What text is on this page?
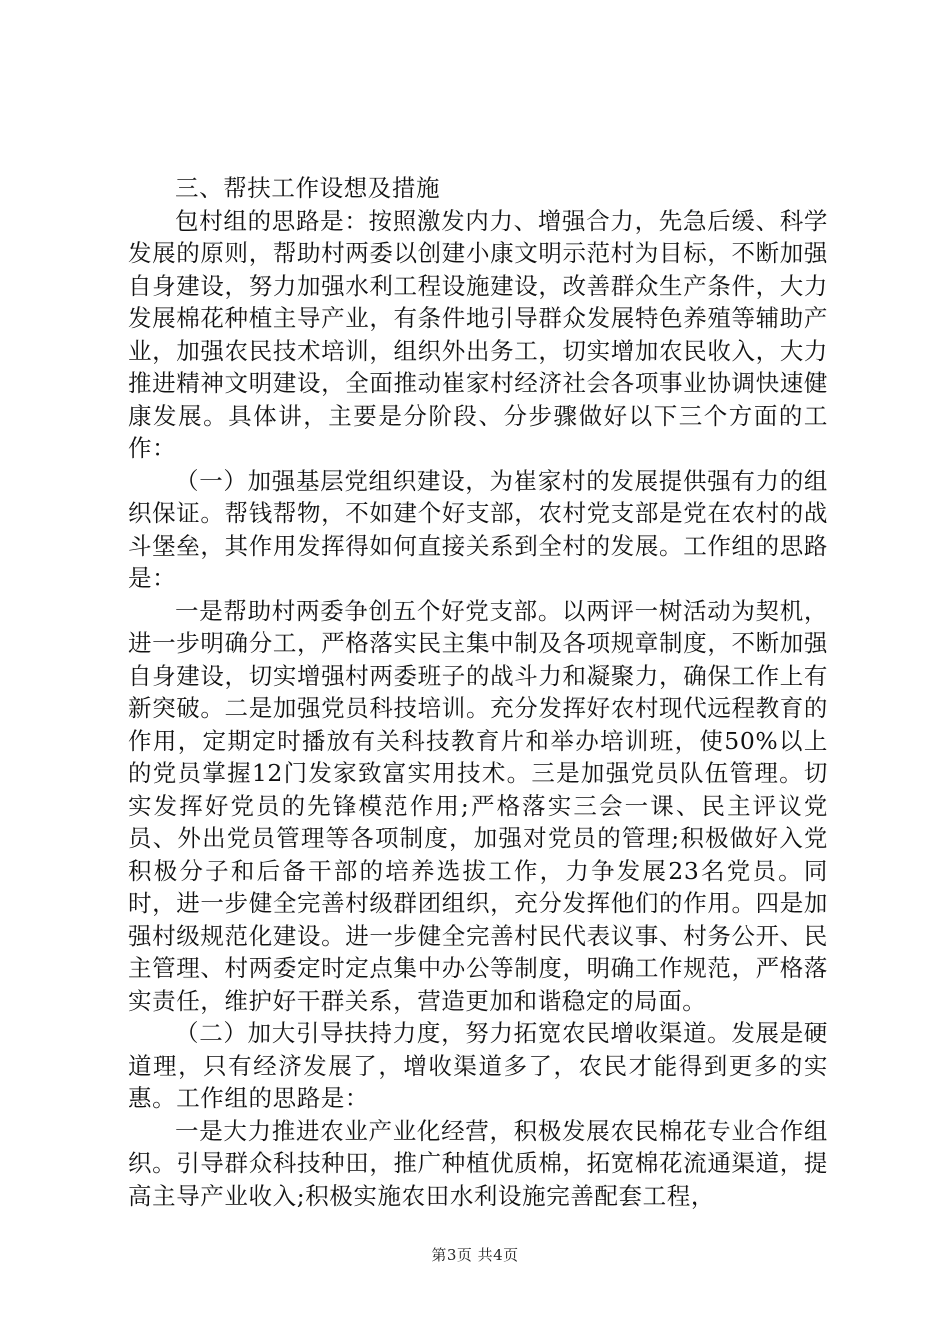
三、帮扶工作设想及措施

包村组的思路是：按照激发内力、增强合力，先急后缓、科学发展的原则，帮助村两委以创建小康文明示范村为目标，不断加强自身建设，努力加强水利工程设施建设，改善群众生产条件，大力发展棉花种植主导产业，有条件地引导群众发展特色养殖等辅助产业，加强农民技术培训，组织外出务工，切实增加农民收入，大力推进精神文明建设，全面推动崔家村经济社会各项事业协调快速健康发展。具体讲，主要是分阶段、分步骤做好以下三个方面的工作：

（一）加强基层党组织建设，为崔家村的发展提供强有力的组织保证。帮钱帮物，不如建个好支部，农村党支部是党在农村的战斗堡垒，其作用发挥得如何直接关系到全村的发展。工作组的思路是：

一是帮助村两委争创五个好党支部。以两评一树活动为契机，进一步明确分工，严格落实民主集中制及各项规章制度，不断加强自身建设，切实增强村两委班子的战斗力和凝聚力，确保工作上有新突破。二是加强党员科技培训。充分发挥好农村现代远程教育的作用，定期定时播放有关科技教育片和举办培训班，使50%以上的党员掌握12门发家致富实用技术。三是加强党员队伍管理。切实发挥好党员的先锋模范作用;严格落实三会一课、民主评议党员、外出党员管理等各项制度，加强对党员的管理;积极做好入党积极分子和后备干部的培养选拔工作，力争发展23名党员。同时，进一步健全完善村级群团组织，充分发挥他们的作用。四是加强村级规范化建设。进一步健全完善村民代表议事、村务公开、民主管理、村两委定时定点集中办公等制度，明确工作规范，严格落实责任，维护好干群关系，营造更加和谐稳定的局面。

（二）加大引导扶持力度，努力拓宽农民增收渠道。发展是硬道理，只有经济发展了，增收渠道多了，农民才能得到更多的实惠。工作组的思路是：

一是大力推进农业产业化经营，积极发展农民棉花专业合作组织。引导群众科技种田，推广种植优质棉，拓宽棉花流通渠道，提高主导产业收入;积极实施农田水利设施完善配套工程，

第3页 共4页
